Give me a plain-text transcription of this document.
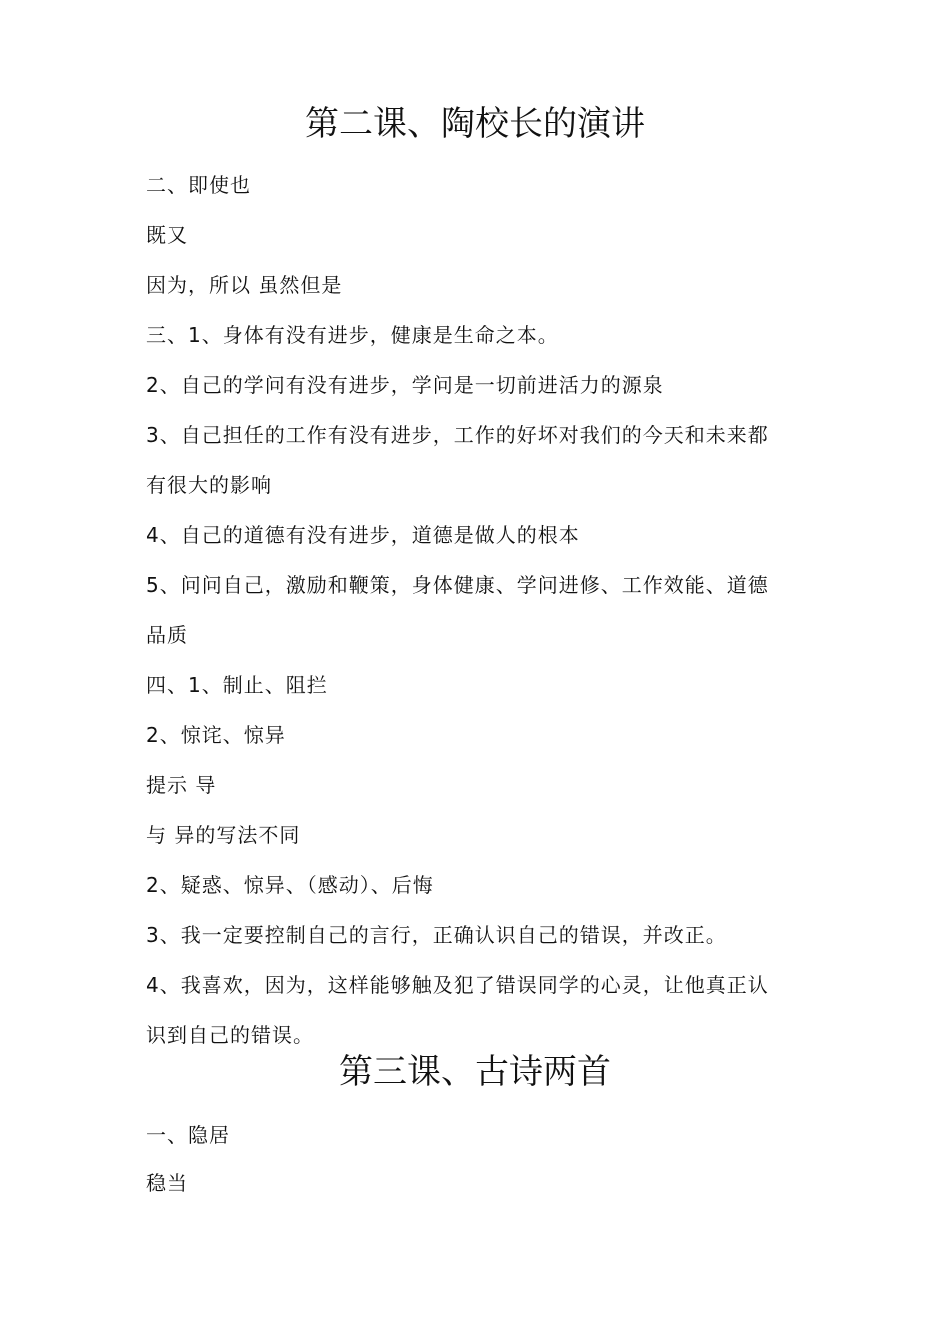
第二课、陶校长的演讲
二、即使也
既又
因为，所以 虽然但是
三、1、身体有没有进步，健康是生命之本。
2、自己的学问有没有进步，学问是一切前进活力的源泉
3、自己担任的工作有没有进步，工作的好坏对我们的今天和未来都
有很大的影响
4、自己的道德有没有进步，道德是做人的根本
5、问问自己，激励和鞭策，身体健康、学问进修、工作效能、道德
品质
四、1、制止、阻拦
2、惊诧、惊异
提示 导
与 异的写法不同
2、疑惑、惊异、（感动）、后悔
3、我一定要控制自己的言行，正确认识自己的错误，并改正。
4、我喜欢，因为，这样能够触及犯了错误同学的心灵，让他真正认
识到自己的错误。
第三课、古诗两首
一、隐居
稳当
